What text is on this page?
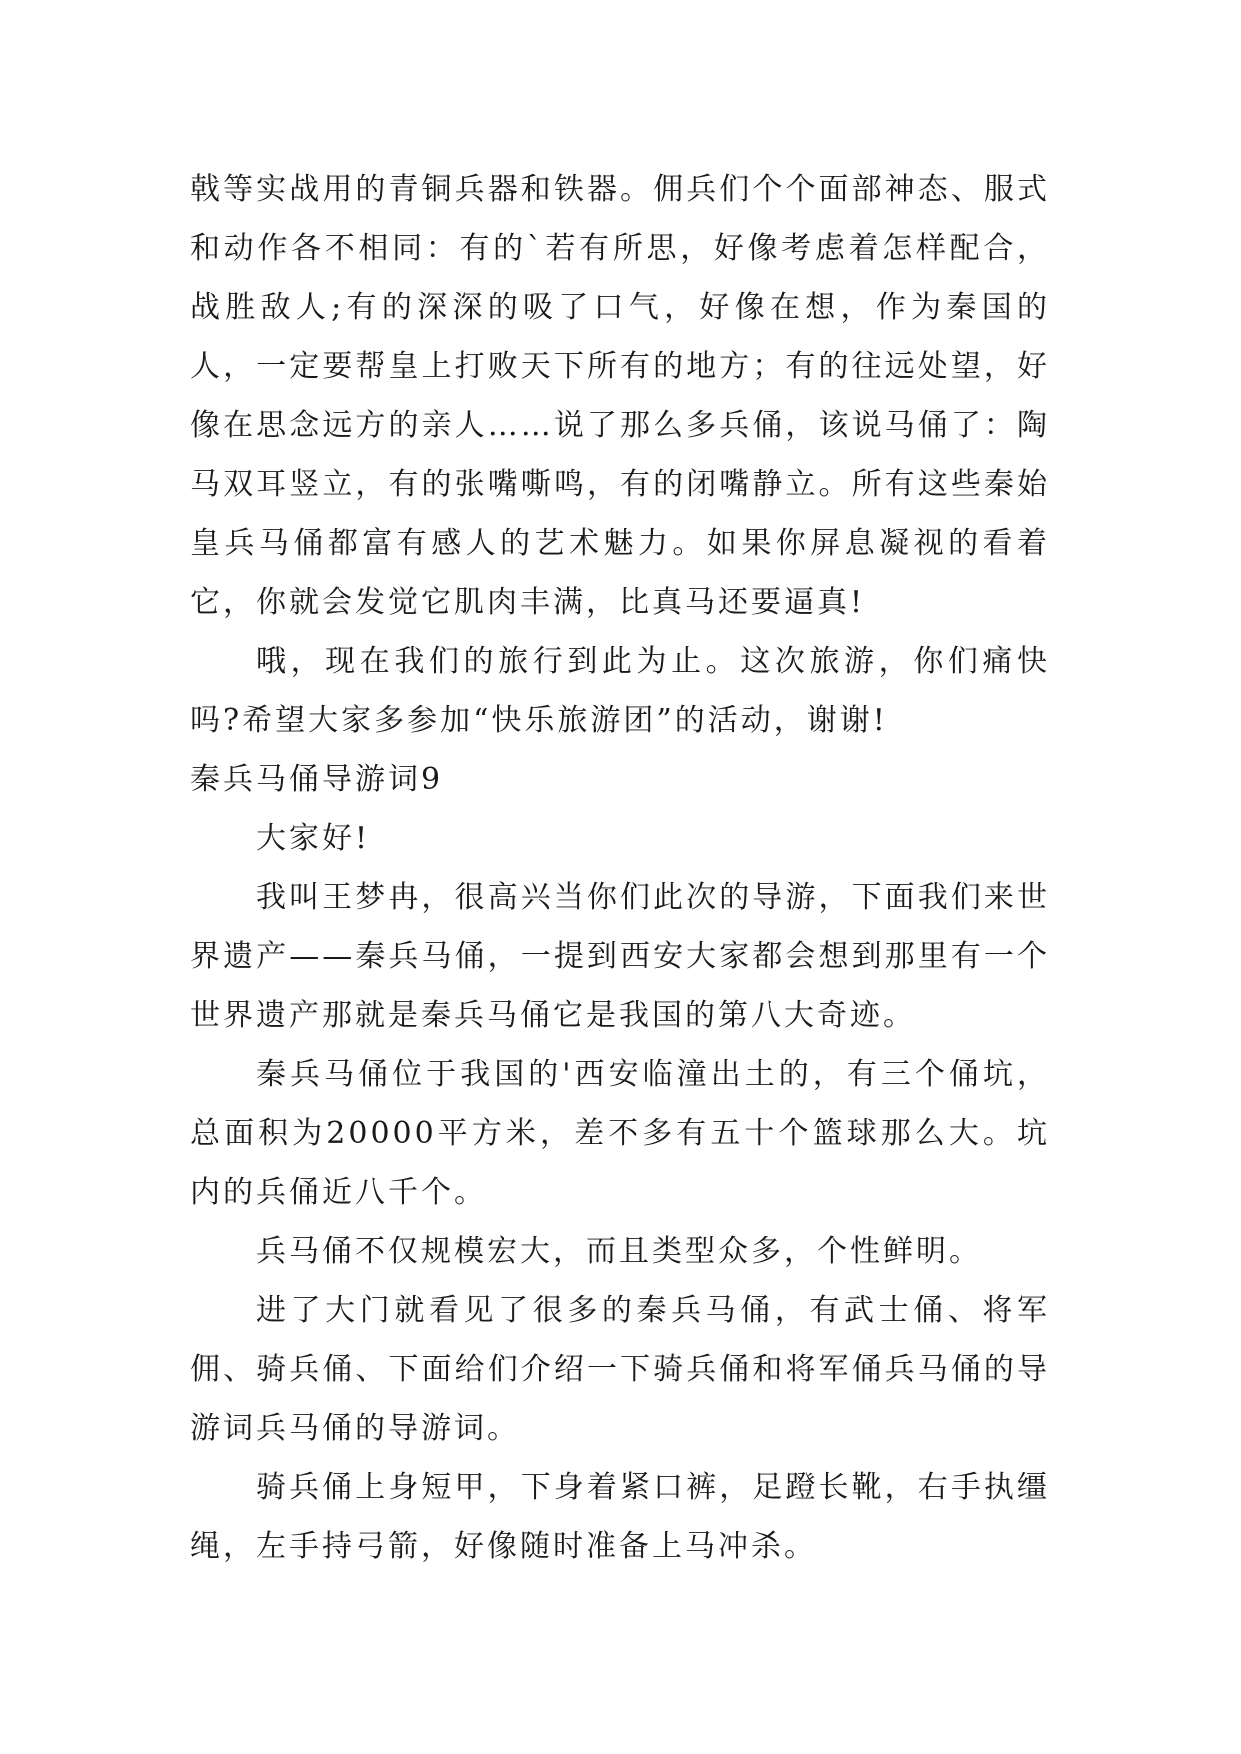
戟等实战用的青铜兵器和铁器。佣兵们个个面部神态、服式和动作各不相同：有的`若有所思，好像考虑着怎样配合，战胜敌人;有的深深的吸了口气，好像在想，作为秦国的人，一定要帮皇上打败天下所有的地方；有的往远处望，好像在思念远方的亲人……说了那么多兵俑，该说马俑了：陶马双耳竖立，有的张嘴嘶鸣，有的闭嘴静立。所有这些秦始皇兵马俑都富有感人的艺术魅力。如果你屏息凝视的看着它，你就会发觉它肌肉丰满，比真马还要逼真!

哦，现在我们的旅行到此为止。这次旅游，你们痛快吗?希望大家多参加“快乐旅游团”的活动，谢谢!

秦兵马俑导游词9

大家好!

我叫王梦冉，很高兴当你们此次的导游，下面我们来世界遗产——秦兵马俑，一提到西安大家都会想到那里有一个世界遗产那就是秦兵马俑它是我国的第八大奇迹。

秦兵马俑位于我国的'西安临潼出土的，有三个俑坑，总面积为20000平方米，差不多有五十个篮球那么大。坑内的兵俑近八千个。

兵马俑不仅规模宏大，而且类型众多，个性鲜明。

进了大门就看见了很多的秦兵马俑，有武士俑、将军佣、骑兵俑、下面给们介绍一下骑兵俑和将军俑兵马俑的导游词兵马俑的导游词。

骑兵俑上身短甲，下身着紧口裤，足蹬长靴，右手执缰绳，左手持弓箭，好像随时准备上马冲杀。
